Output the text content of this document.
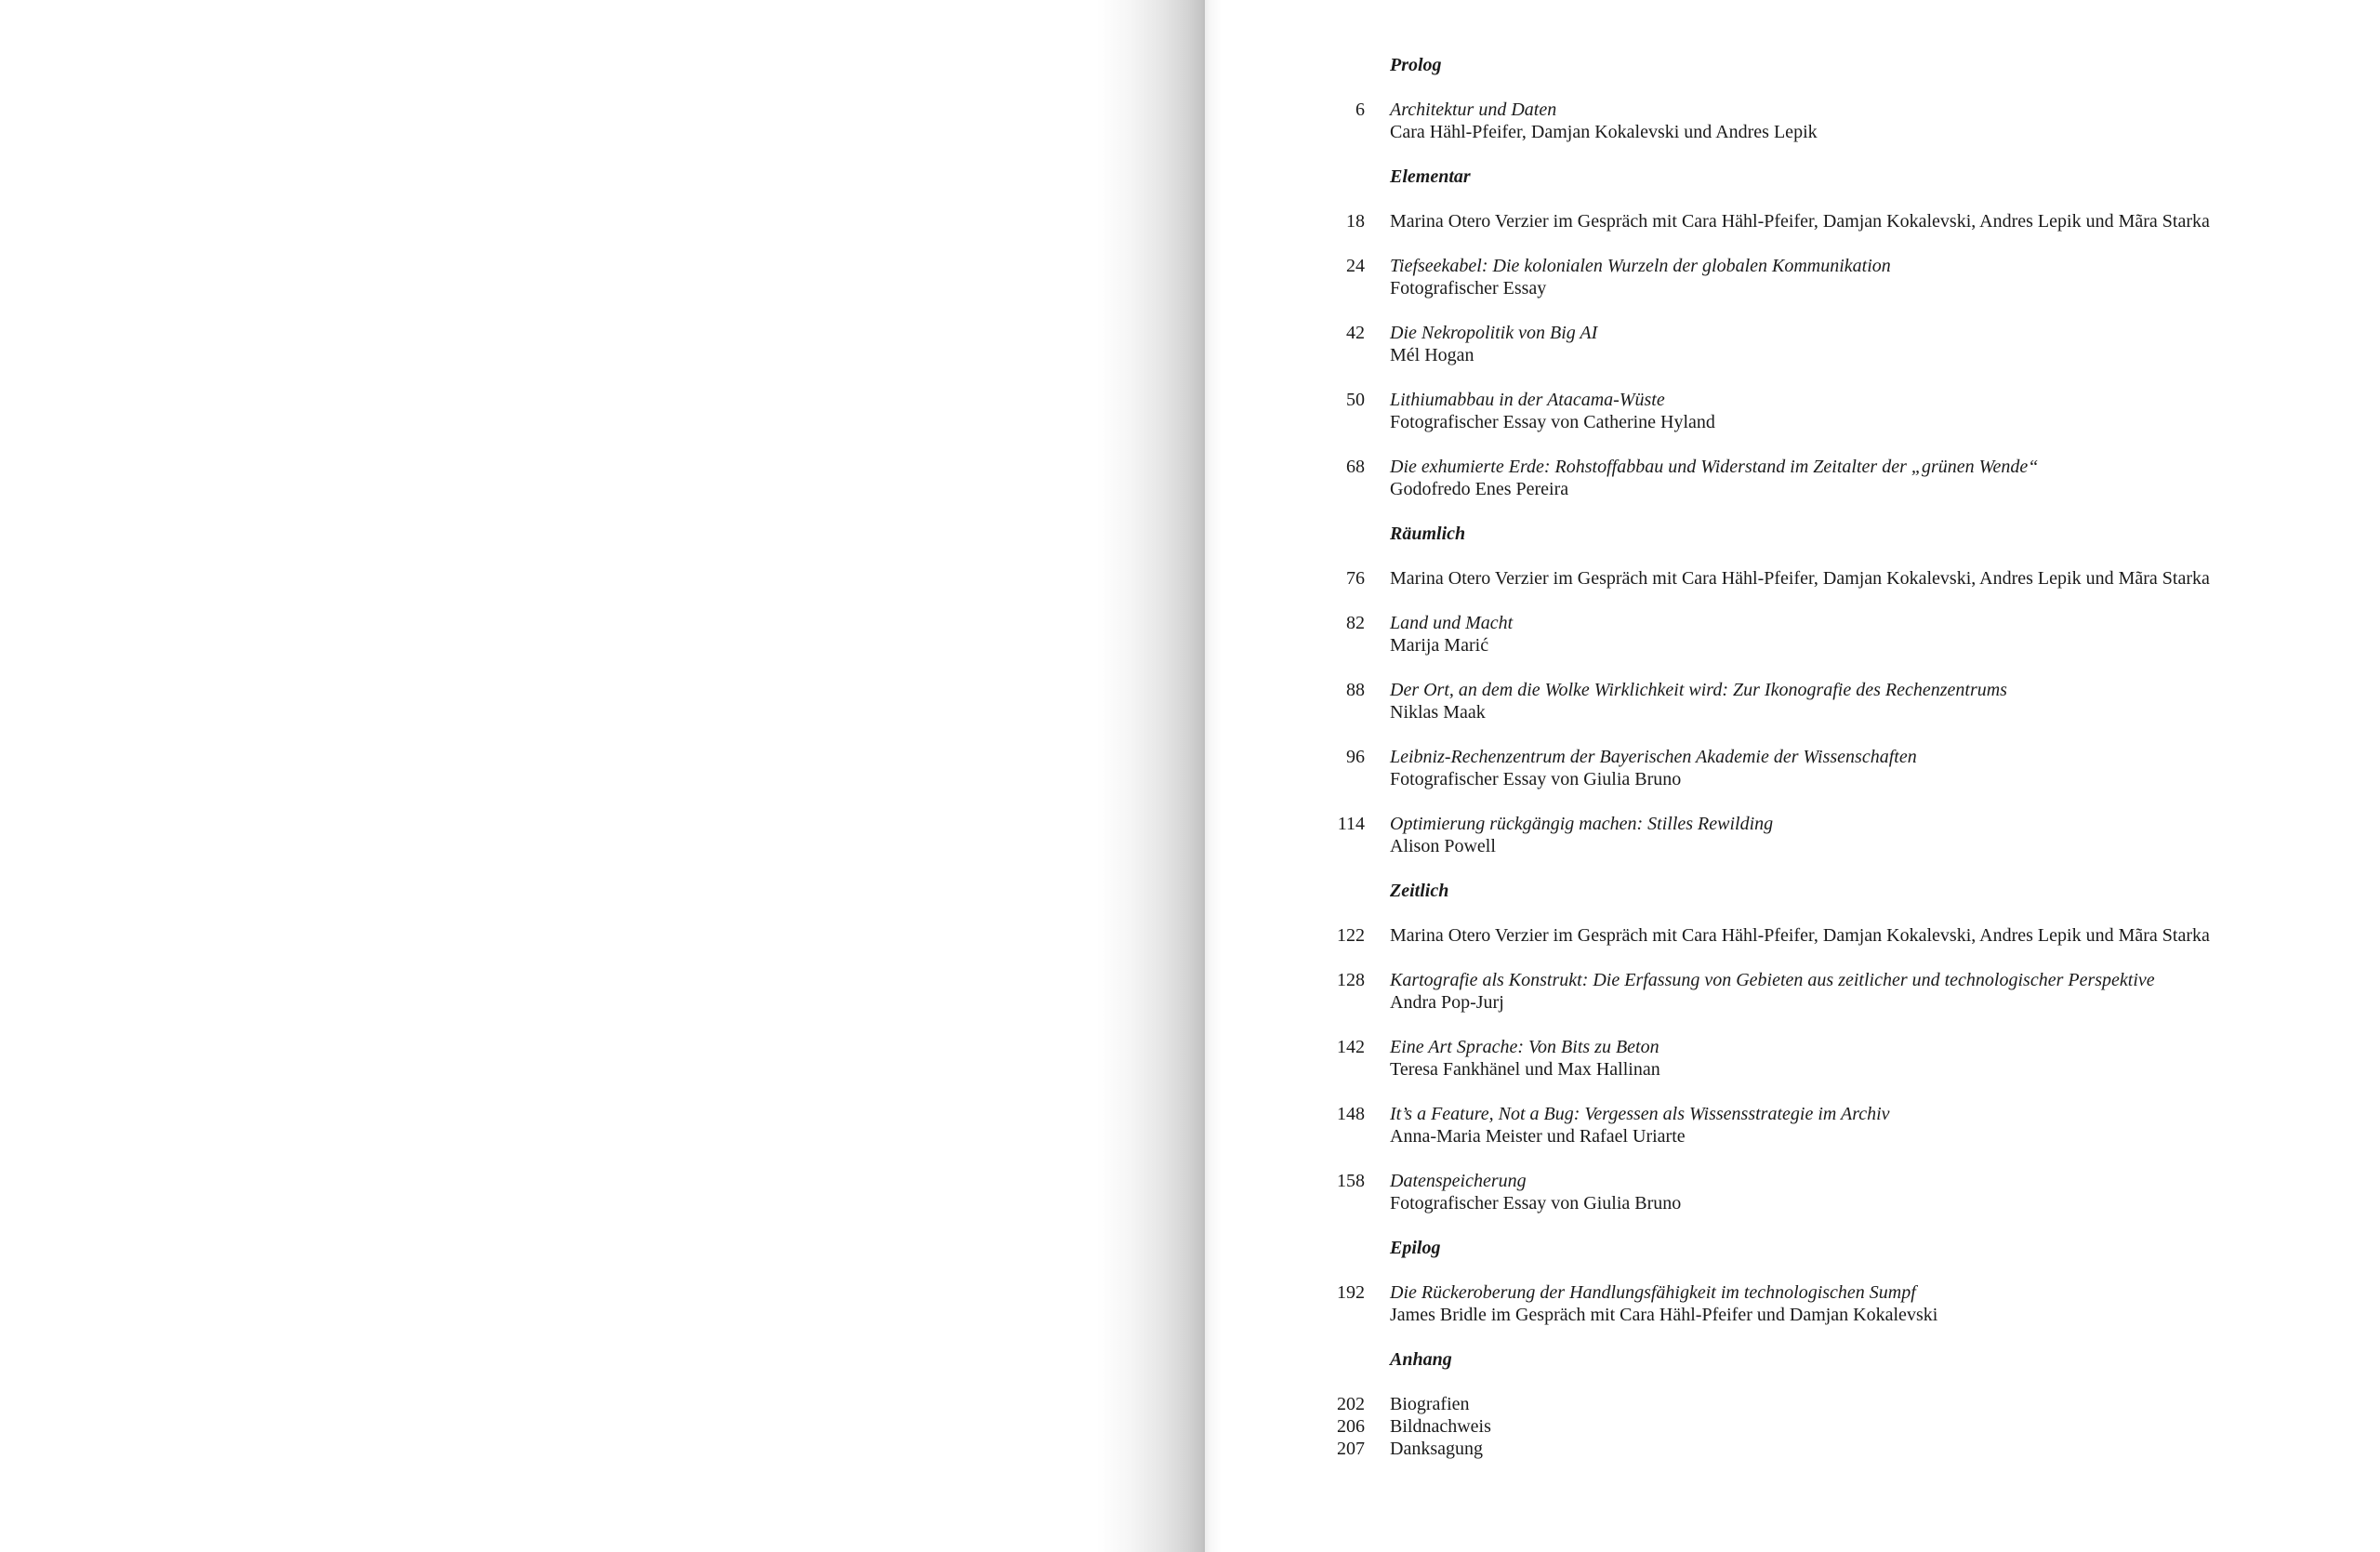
Prolog
6 Architektur und Daten
Cara Hähl-Pfeifer, Damjan Kokalevski und Andres Lepik
Elementar
18 Marina Otero Verzier im Gespräch mit Cara Hähl-Pfeifer, Damjan Kokalevski, Andres Lepik und Mãra Starka
24 Tiefseekabel: Die kolonialen Wurzeln der globalen Kommunikation
Fotografischer Essay
42 Die Nekropolitik von Big AI
Mél Hogan
50 Lithiumabbau in der Atacama-Wüste
Fotografischer Essay von Catherine Hyland
68 Die exhumierte Erde: Rohstoffabbau und Widerstand im Zeitalter der „grünen Wende“
Godofredo Enes Pereira
Räumlich
76 Marina Otero Verzier im Gespräch mit Cara Hähl-Pfeifer, Damjan Kokalevski, Andres Lepik und Mãra Starka
82 Land und Macht
Marija Marić
88 Der Ort, an dem die Wolke Wirklichkeit wird: Zur Ikonografie des Rechenzentrums
Niklas Maak
96 Leibniz-Rechenzentrum der Bayerischen Akademie der Wissenschaften
Fotografischer Essay von Giulia Bruno
114 Optimierung rückgängig machen: Stilles Rewilding
Alison Powell
Zeitlich
122 Marina Otero Verzier im Gespräch mit Cara Hähl-Pfeifer, Damjan Kokalevski, Andres Lepik und Mãra Starka
128 Kartografie als Konstrukt: Die Erfassung von Gebieten aus zeitlicher und technologischer Perspektive
Andra Pop-Jurj
142 Eine Art Sprache: Von Bits zu Beton
Teresa Fankhänel und Max Hallinan
148 It’s a Feature, Not a Bug: Vergessen als Wissensstrategie im Archiv
Anna-Maria Meister und Rafael Uriarte
158 Datenspeicherung
Fotografischer Essay von Giulia Bruno
Epilog
192 Die Rückeroberung der Handlungsfähigkeit im technologischen Sumpf
James Bridle im Gespräch mit Cara Hähl-Pfeifer und Damjan Kokalevski
Anhang
202 Biografien
206 Bildnachweis
207 Danksagung
